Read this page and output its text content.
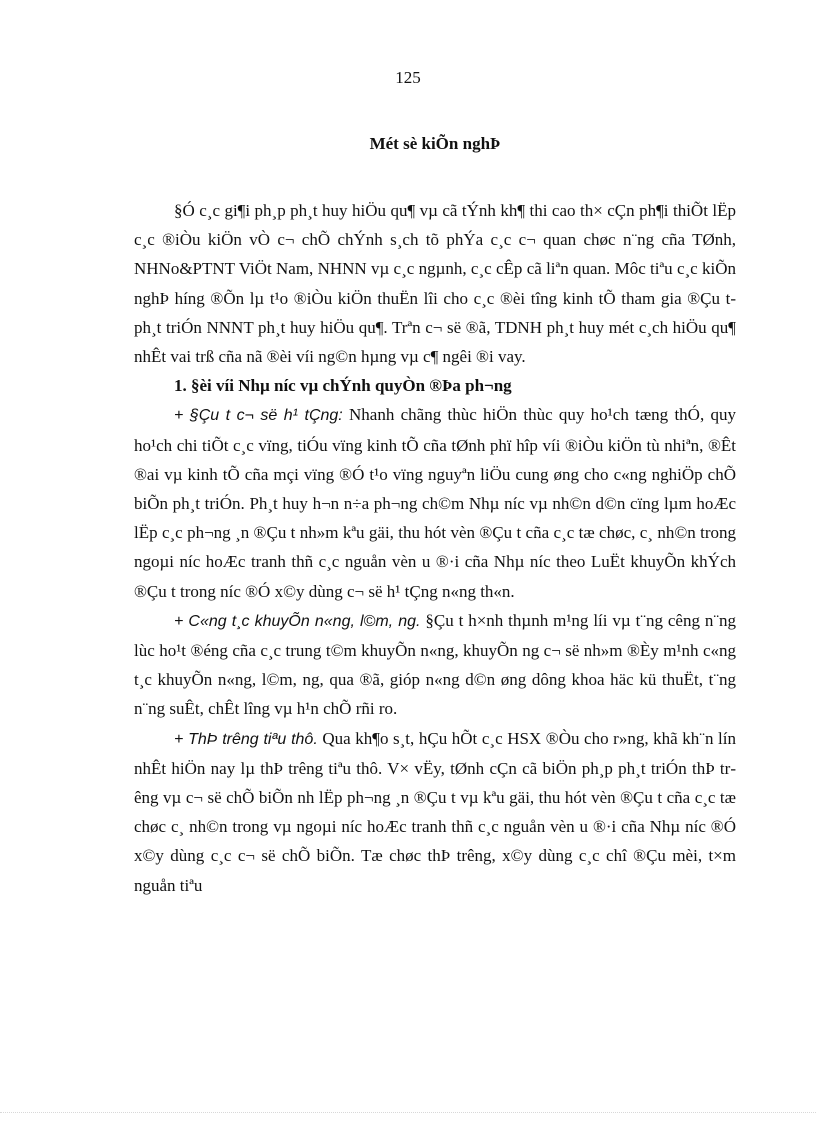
125
Mét sè kiÕn nghÞ

§Ó c¸c gi¶i ph¸p ph¸t huy hiÖu qu¶ vµ cã tÝnh kh¶ thi cao th× cÇn ph¶i thiÕt lËp c¸c ®iÒu kiÖn vÒ c¬ chÕ chÝnh s¸ch tõ phÝa c¸c c¬ quan chøc n¨ng cña TØnh, NHNo&PTNT ViÖt Nam, NHNN vµ c¸c ngµnh, c¸c cÊp cã liªn quan. Môc tiªu c¸c kiÕn nghÞ híng ®Õn lµ t¹o ®iÒu kiÖn thuËn lîi cho c¸c ®èi tîng kinh tÕ tham gia ®Çu t ph¸t triÓn NNNT ph¸t huy hiÖu qu¶. Trªn c¬ së ®ã, TDNH ph¸t huy mét c¸ch hiÖu qu¶ nhÊt vai trß cña nã ®èi víi ng©n hµng vµ c¶ ngêi ®i vay.

1. §èi víi Nhµ níc vµ chÝnh quyÒn ®Þa ph¬ng

+ §Çu t c¬ së h¹ tÇng: Nhanh chãng thùc hiÖn thùc quy ho¹ch tæng thÓ, quy ho¹ch chi tiÕt c¸c vïng, tiÓu vïng kinh tÕ cña tØnh phï hîp víi ®iÒu kiÖn tù nhiªn, ®Êt ®ai vµ kinh tÕ cña mçi vïng ®Ó t¹o vïng nguyªn liÖu cung øng cho c«ng nghiÖp chÕ biÕn ph¸t triÓn. Ph¸t huy h¬n n÷a ph¬ng ch©m Nhµ níc vµ nh©n d©n cïng lµm hoÆc lËp c¸c ph¬ng ¸n ®Çu t nh»m kªu gäi, thu hót vèn ®Çu t cña c¸c tæ chøc, c¸ nh©n trong ngoµi níc hoÆc tranh thñ c¸c nguån vèn u ®·i cña Nhµ níc theo LuËt khuyÕn khÝch ®Çu t trong níc ®Ó x©y dùng c¬ së h¹ tÇng n«ng th«n.

+ C«ng t¸c khuyÕn n«ng, l©m, ng. §Çu t h×nh thµnh m¹ng líi vµ t¨ng cêng n¨ng lùc ho¹t ®éng cña c¸c trung t©m khuyÕn n«ng, khuyÕn ng c¬ së nh»m ®Èy m¹nh c«ng t¸c khuyÕn n«ng, l©m, ng, qua ®ã, gióp n«ng d©n øng dông khoa häc kü thuËt, t¨ng n¨ng suÊt, chÊt lîng vµ h¹n chÕ rñi ro.

+ ThÞ trêng tiªu thô. Qua kh¶o s¸t, hÇu hÕt c¸c HSX ®Òu cho r»ng, khã kh¨n lín nhÊt hiÖn nay lµ thÞ trêng tiªu thô. V× vËy, tØnh cÇn cã biÖn ph¸p ph¸t triÓn thÞ trêng vµ c¬ së chÕ biÕn nh lËp ph¬ng ¸n ®Çu t vµ kªu gäi, thu hót vèn ®Çu t cña c¸c tæ chøc c¸ nh©n trong vµ ngoµi níc hoÆc tranh thñ c¸c nguån vèn u ®·i cña Nhµ níc ®Ó x©y dùng c¸c c¬ së chÕ biÕn. Tæ chøc thÞ trêng, x©y dùng c¸c chî ®Çu mèi, t×m nguån tiªu
